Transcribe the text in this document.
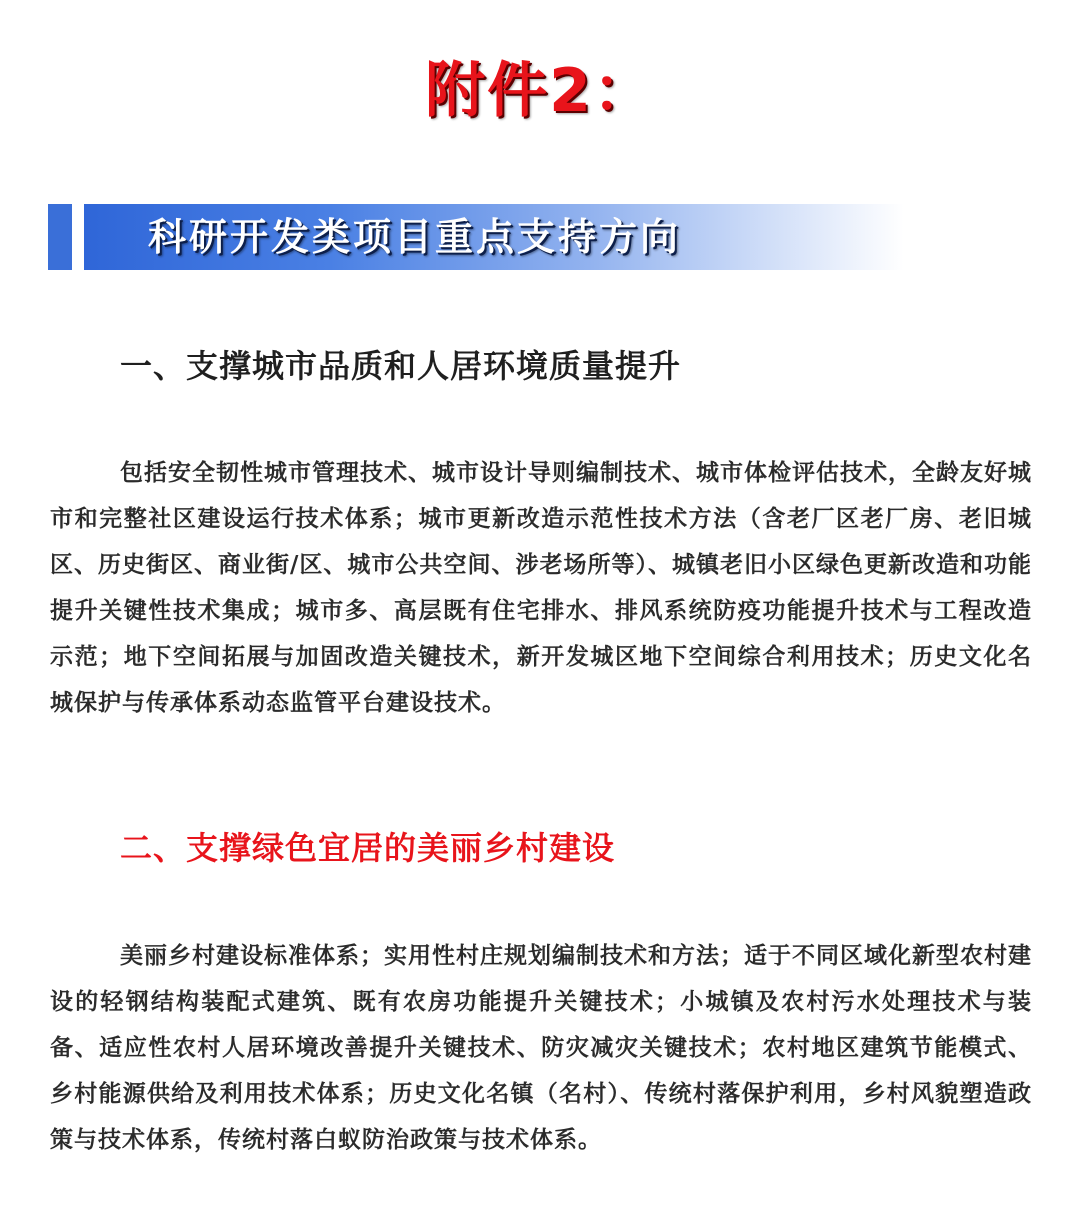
附件2：
科研开发类项目重点支持方向
一、支撑城市品质和人居环境质量提升

包括安全韧性城市管理技术、城市设计导则编制技术、城市体检评估技术，全龄友好城市和完整社区建设运行技术体系；城市更新改造示范性技术方法（含老厂区老厂房、老旧城区、历史街区、商业街/区、城市公共空间、涉老场所等）、城镇老旧小区绿色更新改造和功能提升关键性技术集成；城市多、高层既有住宅排水、排风系统防疫功能提升技术与工程改造示范；地下空间拓展与加固改造关键技术，新开发城区地下空间综合利用技术；历史文化名城保护与传承体系动态监管平台建设技术。

二、支撑绿色宜居的美丽乡村建设

美丽乡村建设标准体系；实用性村庄规划编制技术和方法；适于不同区域化新型农村建设的轻钢结构装配式建筑、既有农房功能提升关键技术；小城镇及农村污水处理技术与装备、适应性农村人居环境改善提升关键技术、防灾减灾关键技术；农村地区建筑节能模式、乡村能源供给及利用技术体系；历史文化名镇（名村）、传统村落保护利用，乡村风貌塑造政策与技术体系，传统村落白蚁防治政策与技术体系。
